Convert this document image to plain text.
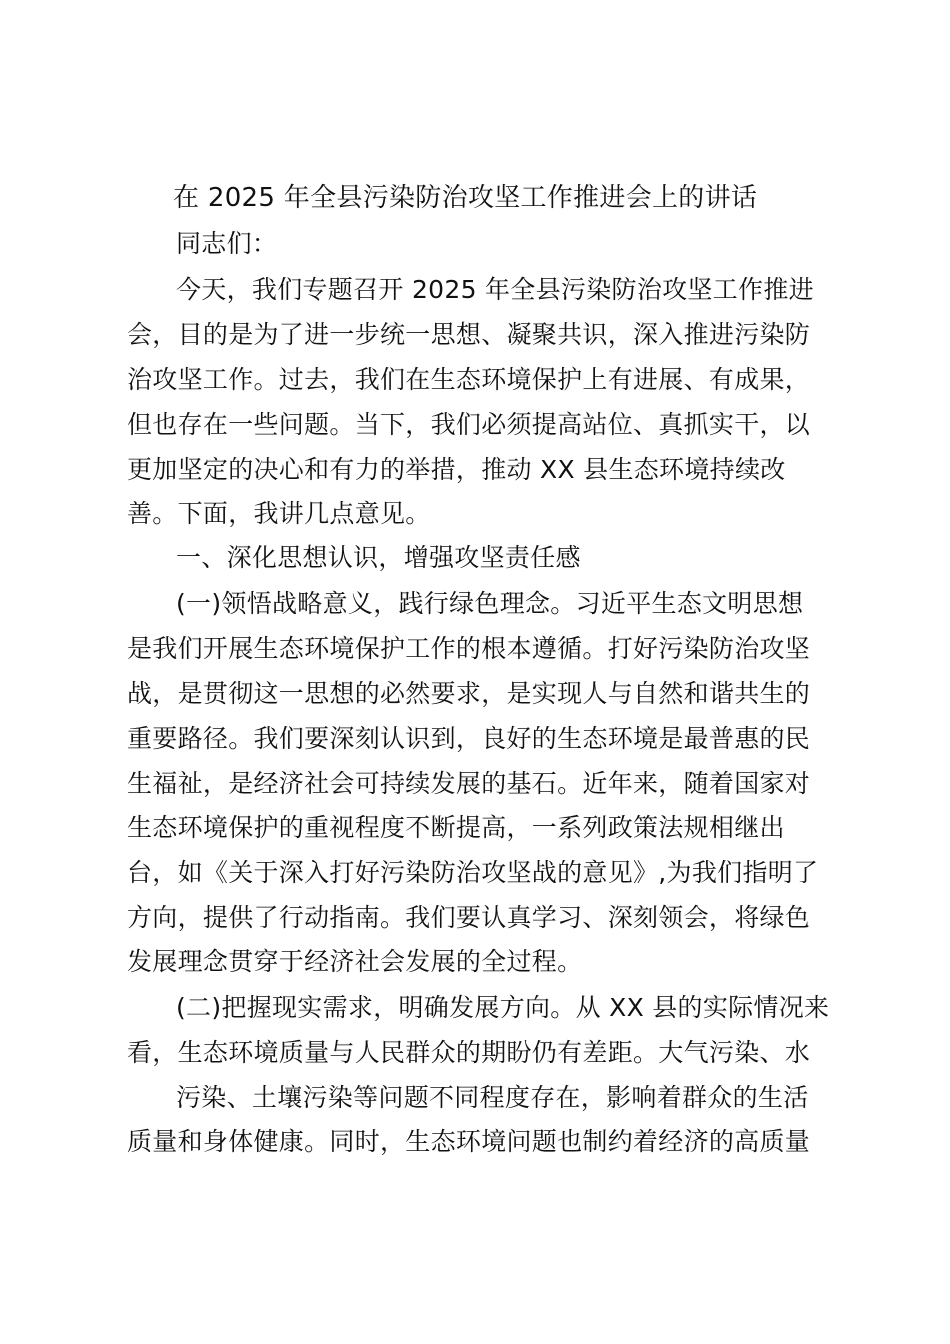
在 2025 年全县污染防治攻坚工作推进会上的讲话
同志们：
今天，我们专题召开 2025 年全县污染防治攻坚工作推进
会，目的是为了进一步统一思想、凝聚共识，深入推进污染防
治攻坚工作。过去，我们在生态环境保护上有进展、有成果，
但也存在一些问题。当下，我们必须提高站位、真抓实干，以
更加坚定的决心和有力的举措，推动 XX 县生态环境持续改
善。下面，我讲几点意见。
一、深化思想认识，增强攻坚责任感
(一)领悟战略意义，践行绿色理念。习近平生态文明思想
是我们开展生态环境保护工作的根本遵循。打好污染防治攻坚
战，是贯彻这一思想的必然要求，是实现人与自然和谐共生的
重要路径。我们要深刻认识到，良好的生态环境是最普惠的民
生福祉，是经济社会可持续发展的基石。近年来，随着国家对
生态环境保护的重视程度不断提高，一系列政策法规相继出
台，如《关于深入打好污染防治攻坚战的意见》,为我们指明了
方向，提供了行动指南。我们要认真学习、深刻领会，将绿色
发展理念贯穿于经济社会发展的全过程。
(二)把握现实需求，明确发展方向。从 XX 县的实际情况来
看，生态环境质量与人民群众的期盼仍有差距。大气污染、水
污染、土壤污染等问题不同程度存在，影响着群众的生活
质量和身体健康。同时，生态环境问题也制约着经济的高质量
